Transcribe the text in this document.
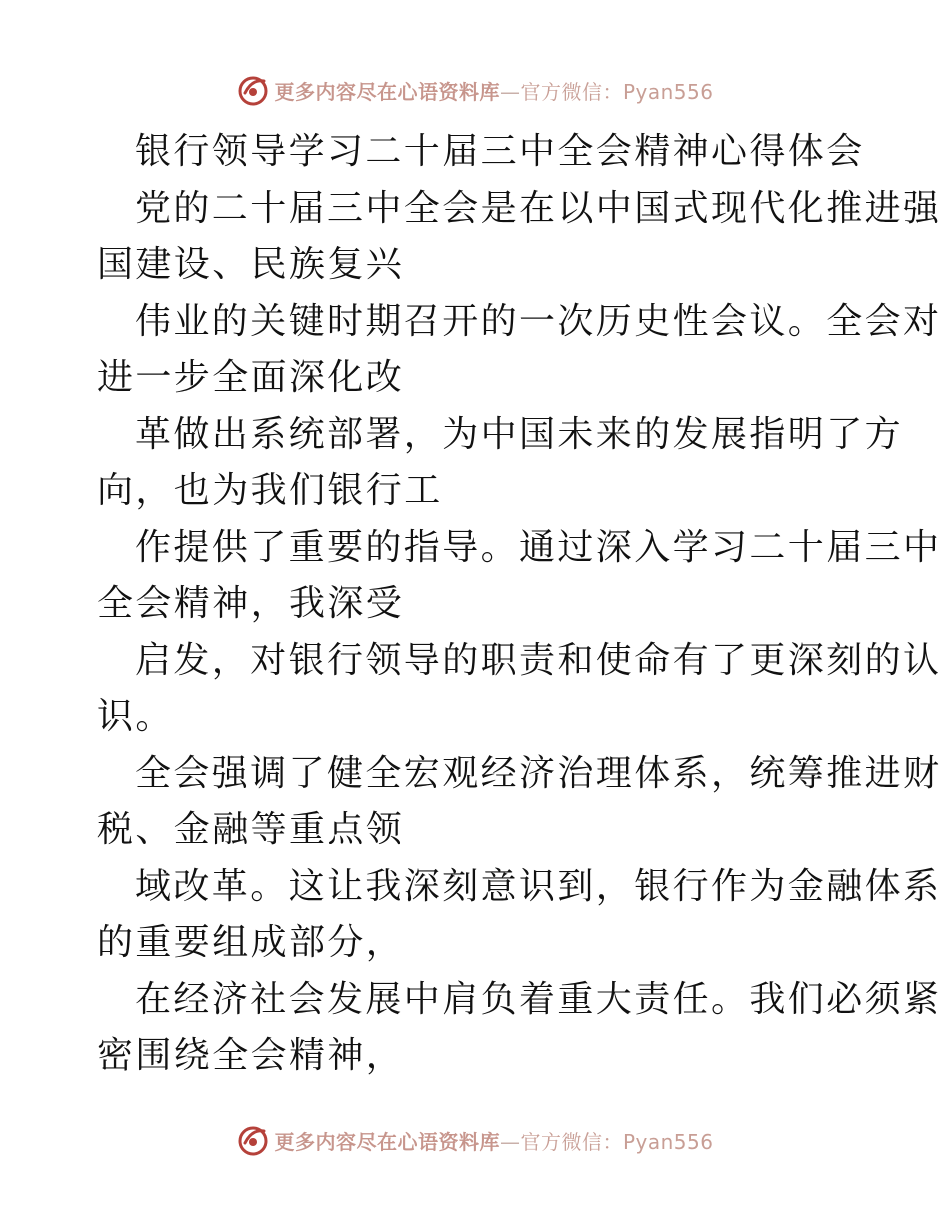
更多内容尽在心语资料库—官方微信：Pyan556
银行领导学习二十届三中全会精神心得体会
党的二十届三中全会是在以中国式现代化推进强
国建设、民族复兴
伟业的关键时期召开的一次历史性会议。全会对
进一步全面深化改
革做出系统部署，为中国未来的发展指明了方
向，也为我们银行工
作提供了重要的指导。通过深入学习二十届三中
全会精神，我深受
启发，对银行领导的职责和使命有了更深刻的认
识。
全会强调了健全宏观经济治理体系，统筹推进财
税、金融等重点领
域改革。这让我深刻意识到，银行作为金融体系
的重要组成部分，
在经济社会发展中肩负着重大责任。我们必须紧
密围绕全会精神，
更多内容尽在心语资料库—官方微信：Pyan556
